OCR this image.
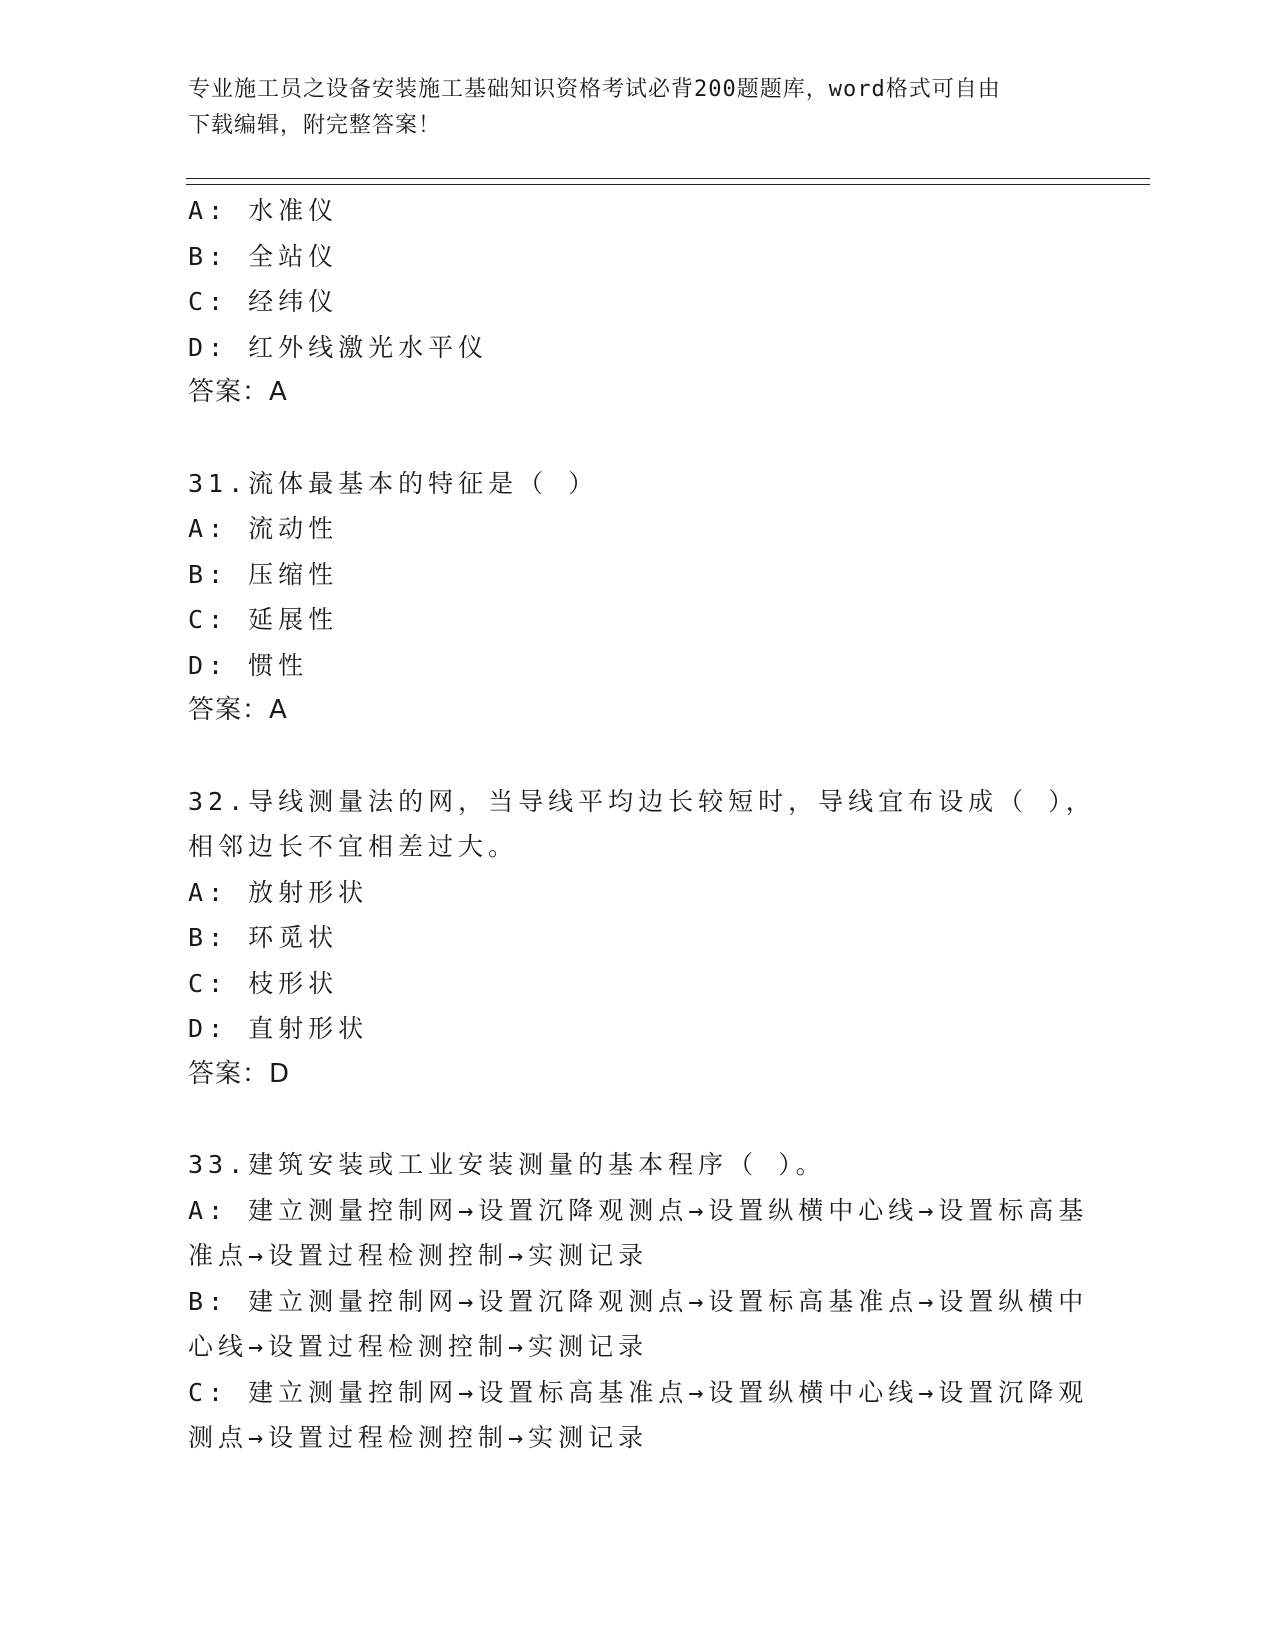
专业施工员之设备安装施工基础知识资格考试必背200题题库，word格式可自由
下载编辑，附完整答案！
A: 水准仪
B: 全站仪
C: 经纬仪
D: 红外线激光水平仪
答案：A
31.流体最基本的特征是（ ）
A: 流动性
B: 压缩性
C: 延展性
D: 惯性
答案：A
32.导线测量法的网，当导线平均边长较短时，导线宜布设成（ ），
相邻边长不宜相差过大。
A: 放射形状
B: 环觅状
C: 枝形状
D: 直射形状
答案：D
33.建筑安装或工业安装测量的基本程序（ ）。
A: 建立测量控制网→设置沉降观测点→设置纵横中心线→设置标高基
准点→设置过程检测控制→实测记录
B: 建立测量控制网→设置沉降观测点→设置标高基准点→设置纵横中
心线→设置过程检测控制→实测记录
C: 建立测量控制网→设置标高基准点→设置纵横中心线→设置沉降观
测点→设置过程检测控制→实测记录
